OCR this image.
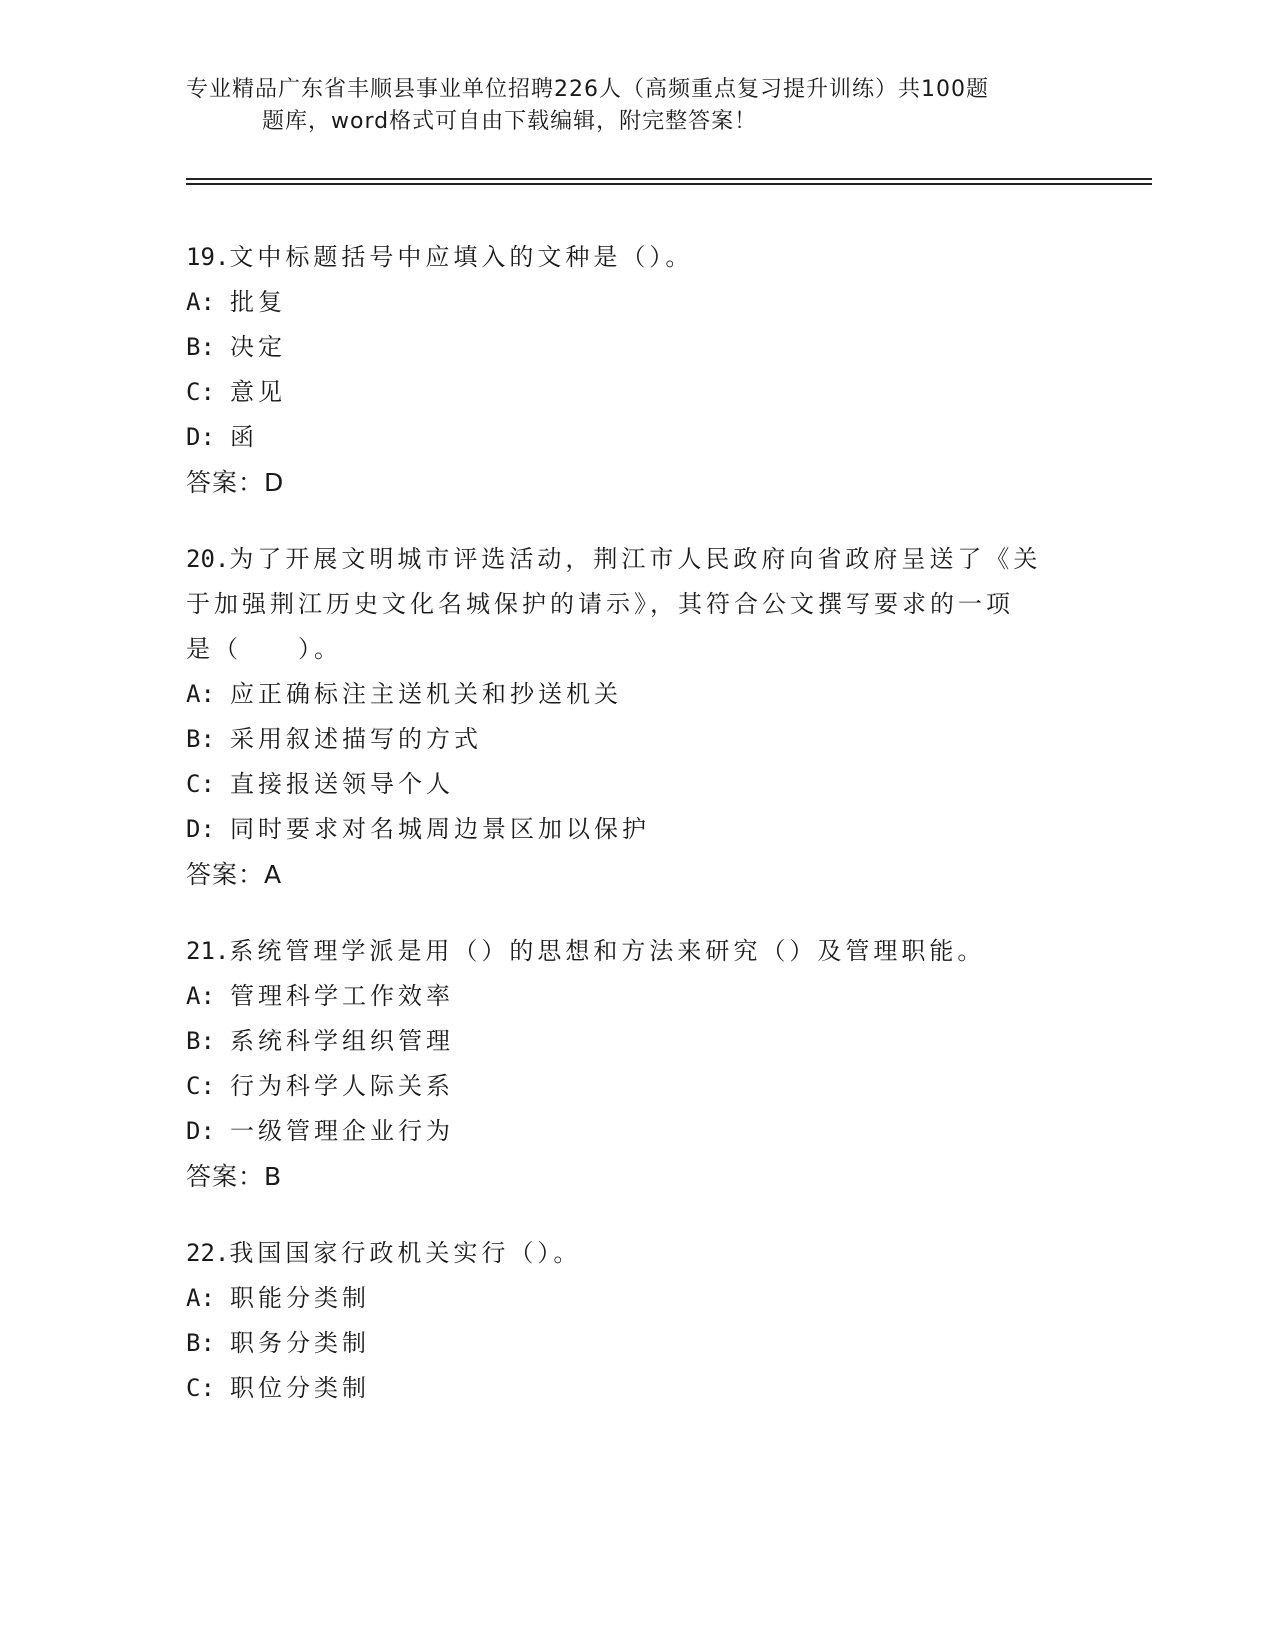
专业精品广东省丰顺县事业单位招聘226人（高频重点复习提升训练）共100题
题库，word格式可自由下载编辑，附完整答案！
19.文中标题括号中应填入的文种是（）。
A: 批复
B: 决定
C: 意见
D: 函
答案：D
20.为了开展文明城市评选活动，荆江市人民政府向省政府呈送了《关
于加强荆江历史文化名城保护的请示》，其符合公文撰写要求的一项
是（　　）。
A: 应正确标注主送机关和抄送机关
B: 采用叙述描写的方式
C: 直接报送领导个人
D: 同时要求对名城周边景区加以保护
答案：A
21.系统管理学派是用（）的思想和方法来研究（）及管理职能。
A: 管理科学工作效率
B: 系统科学组织管理
C: 行为科学人际关系
D: 一级管理企业行为
答案：B
22.我国国家行政机关实行（）。
A: 职能分类制
B: 职务分类制
C: 职位分类制
